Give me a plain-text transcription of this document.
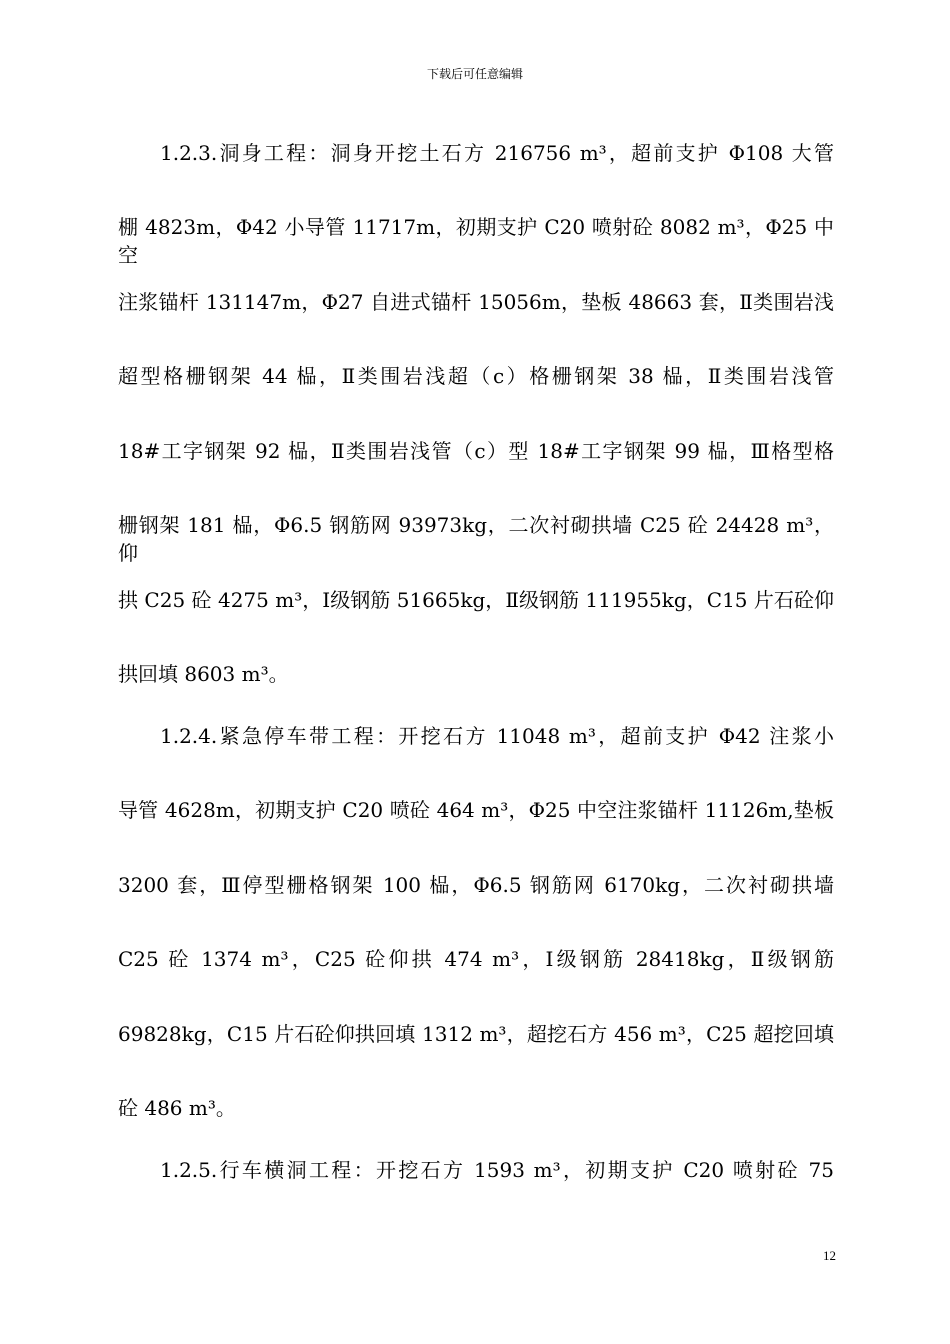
下载后可任意编辑
1.2.3.洞身工程：洞身开挖土石方 216756 m³，超前支护 Φ108 大管
棚 4823m，Φ42 小导管 11717m，初期支护 C20 喷射砼 8082 m³，Φ25 中空
注浆锚杆 131147m，Φ27 自进式锚杆 15056m，垫板 48663 套，Ⅱ类围岩浅
超型格栅钢架 44 榀，Ⅱ类围岩浅超（c）格栅钢架 38 榀，Ⅱ类围岩浅管
18#工字钢架 92 榀，Ⅱ类围岩浅管（c）型 18#工字钢架 99 榀，Ⅲ格型格
栅钢架 181 榀，Φ6.5 钢筋网 93973kg，二次衬砌拱墙 C25 砼 24428 m³，仰
拱 C25 砼 4275 m³，Ⅰ级钢筋 51665kg，Ⅱ级钢筋 111955kg，C15 片石砼仰
拱回填 8603 m³。
1.2.4.紧急停车带工程：开挖石方 11048 m³，超前支护 Φ42 注浆小
导管 4628m，初期支护 C20 喷砼 464 m³，Φ25 中空注浆锚杆 11126m,垫板
3200 套，Ⅲ停型栅格钢架 100 榀，Φ6.5 钢筋网 6170kg，二次衬砌拱墙
C25 砼 1374 m³，C25 砼仰拱 474 m³，Ⅰ级钢筋 28418kg，Ⅱ级钢筋
69828kg，C15 片石砼仰拱回填 1312 m³，超挖石方 456 m³，C25 超挖回填
砼 486 m³。
1.2.5.行车横洞工程：开挖石方 1593 m³，初期支护 C20 喷射砼 75
12
